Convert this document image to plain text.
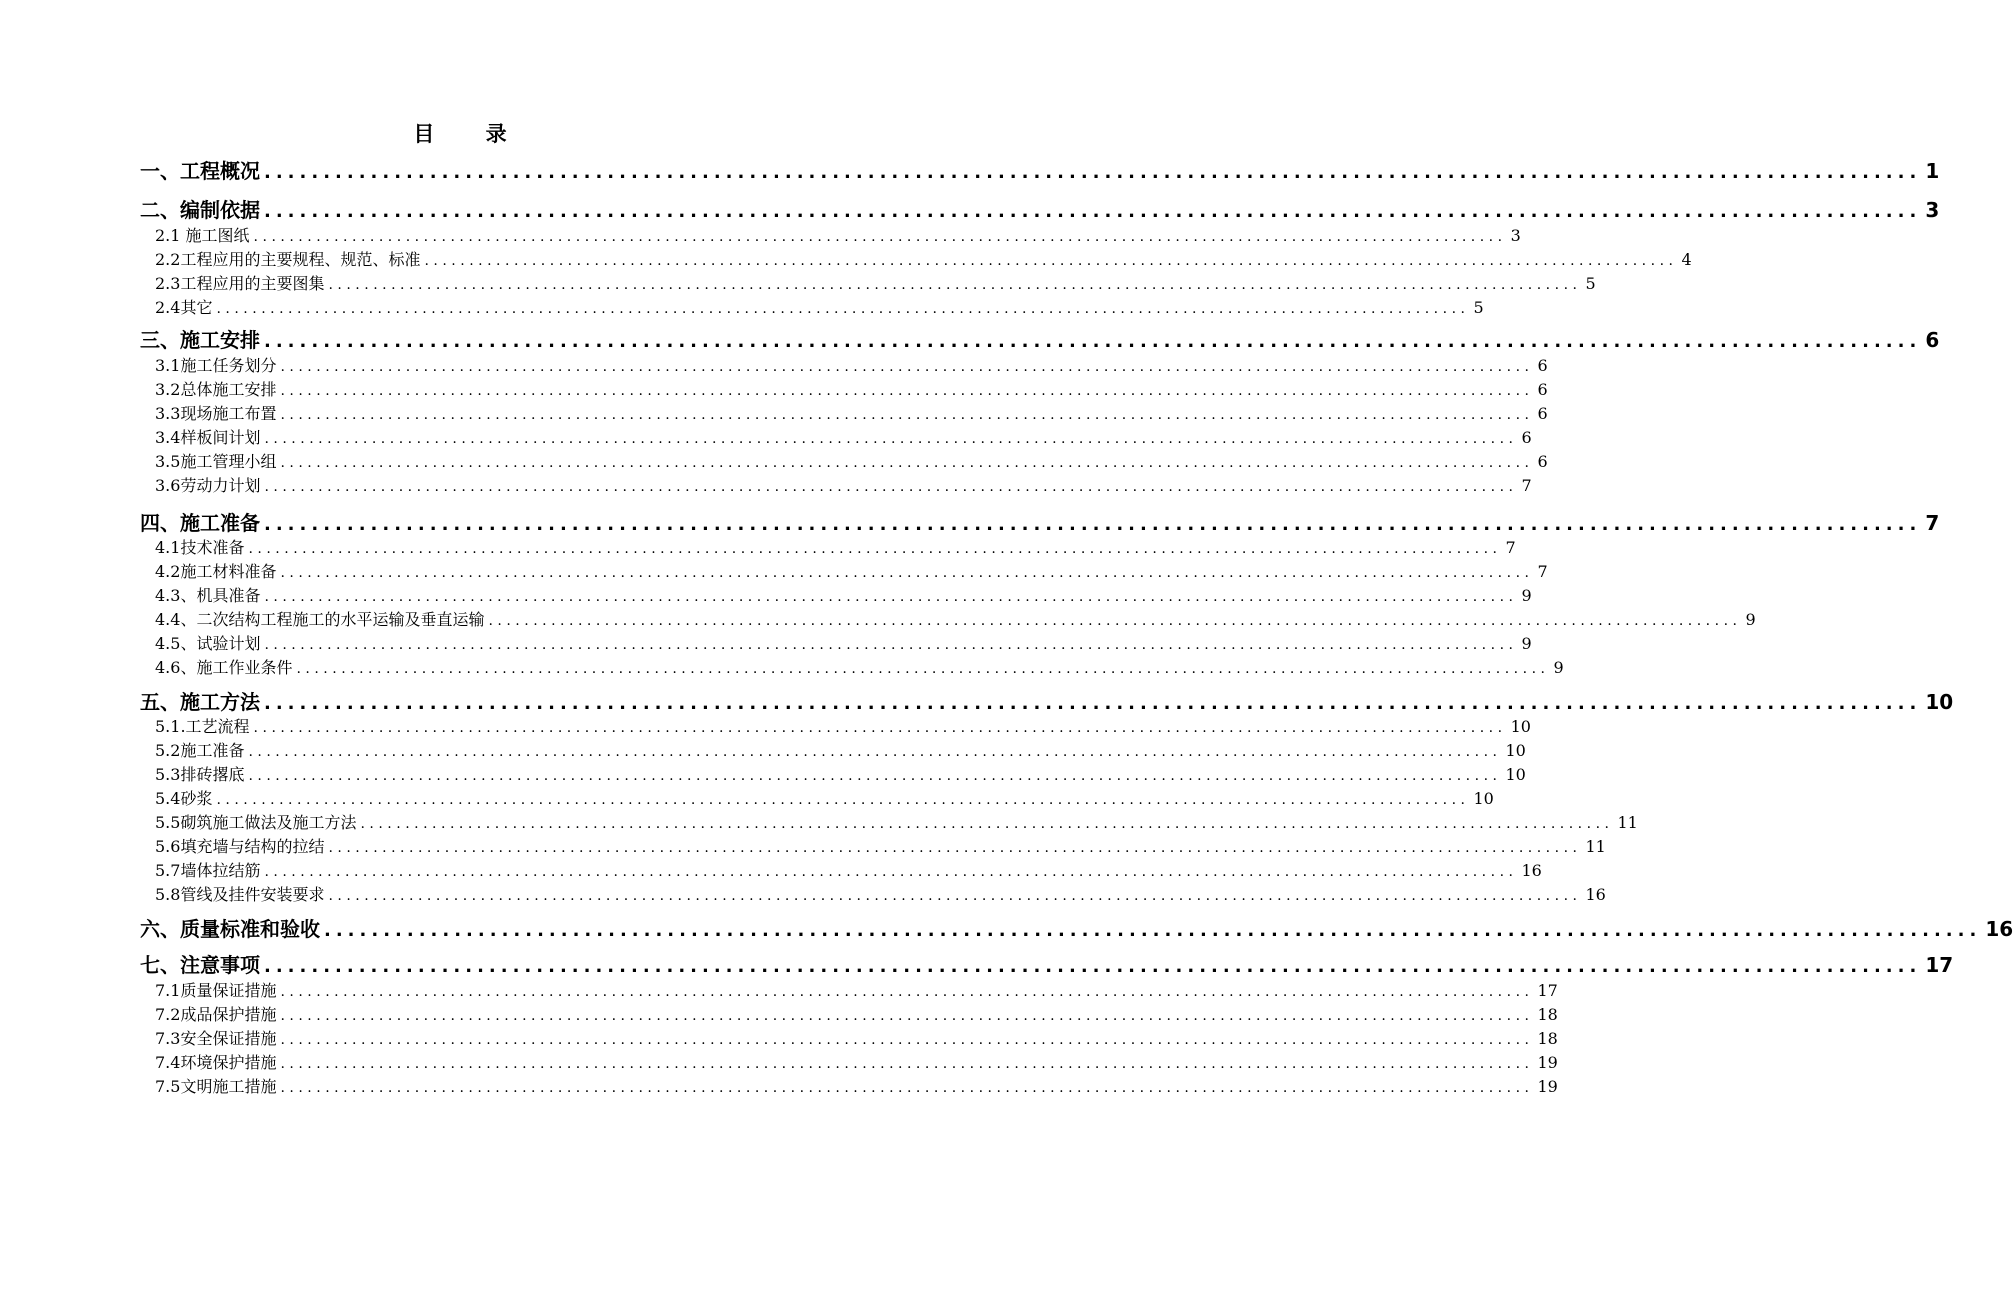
目 录
一、工程概况 ............................................................................................................................................ 1
二、编制依据 ............................................................................................................................................ 3
2.1 施工图纸 ............................................................................................................................................ 3
2.2工程应用的主要规程、规范、标准 ............................................................................................................................................ 4
2.3工程应用的主要图集 ............................................................................................................................................ 5
2.4其它 ............................................................................................................................................ 5
三、施工安排 ............................................................................................................................................ 6
3.1施工任务划分 ............................................................................................................................................ 6
3.2总体施工安排 ............................................................................................................................................ 6
3.3现场施工布置 ............................................................................................................................................ 6
3.4样板间计划 ............................................................................................................................................ 6
3.5施工管理小组 ............................................................................................................................................ 6
3.6劳动力计划 ............................................................................................................................................ 7
四、施工准备 ............................................................................................................................................ 7
4.1技术准备 ............................................................................................................................................ 7
4.2施工材料准备 ............................................................................................................................................ 7
4.3、机具准备 ............................................................................................................................................ 9
4.4、二次结构工程施工的水平运输及垂直运输 ............................................................................................................................................ 9
4.5、试验计划 ............................................................................................................................................ 9
4.6、施工作业条件 ............................................................................................................................................ 9
五、施工方法 ............................................................................................................................................ 10
5.1.工艺流程 ............................................................................................................................................ 10
5.2施工准备 ............................................................................................................................................ 10
5.3排砖撂底 ............................................................................................................................................ 10
5.4砂浆 ............................................................................................................................................ 10
5.5砌筑施工做法及施工方法 ............................................................................................................................................ 11
5.6填充墙与结构的拉结 ............................................................................................................................................ 11
5.7墙体拉结筋 ............................................................................................................................................ 16
5.8管线及挂件安装要求 ............................................................................................................................................ 16
六、质量标准和验收 ............................................................................................................................................ 16
七、注意事项 ............................................................................................................................................ 17
7.1质量保证措施 ............................................................................................................................................ 17
7.2成品保护措施 ............................................................................................................................................ 18
7.3安全保证措施 ............................................................................................................................................ 18
7.4环境保护措施 ............................................................................................................................................ 19
7.5文明施工措施 ............................................................................................................................................ 19
